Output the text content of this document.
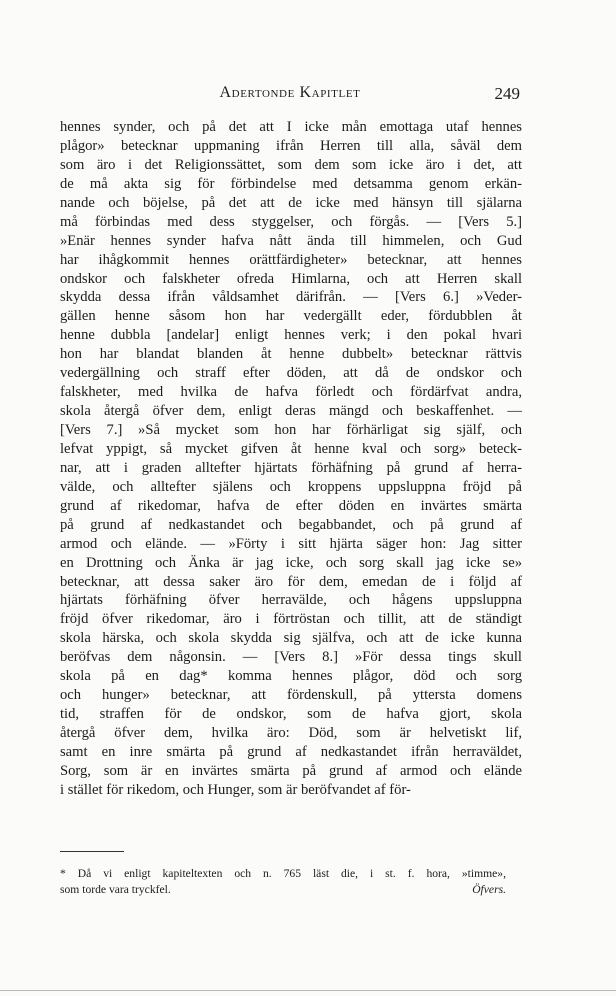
Adertonde Kapitlet	249
hennes synder, och på det att I icke mån emottaga utaf hennes
plågor» betecknar uppmaning ifrån Herren till alla, såväl dem
som äro i det Religionssättet, som dem som icke äro i det, att
de må akta sig för förbindelse med detsamma genom erkän-
nande och böjelse, på det att de icke med hänsyn till själarna
må förbindas med dess styggelser, och förgås. — [Vers 5.]
»Enär hennes synder hafva nått ända till himmelen, och Gud
har ihågkommit hennes orättfärdigheter» betecknar, att hennes
ondskor och falskheter ofreda Himlarna, och att Herren skall
skydda dessa ifrån våldsamhet därifrån. — [Vers 6.] »Veder-
gällen henne såsom hon har vedergällt eder, fördubblen åt
henne dubbla [andelar] enligt hennes verk; i den pokal hvari
hon har blandat blanden åt henne dubbelt» betecknar rättvis
vedergällning och straff efter döden, att då de ondskor och
falskheter, med hvilka de hafva förledt och fördärfvat andra,
skola återgå öfver dem, enligt deras mängd och beskaffenhet. —
[Vers 7.] »Så mycket som hon har förhärligat sig själf, och
lefvat yppigt, så mycket gifven åt henne kval och sorg» beteck-
nar, att i graden alltefter hjärtats förhäfning på grund af herra-
välde, och alltefter själens och kroppens uppsluppna fröjd på
grund af rikedomar, hafva de efter döden en invärtes smärta
på grund af nedkastandet och begabbandet, och på grund af
armod och elände. — »Förty i sitt hjärta säger hon: Jag sitter
en Drottning och Änka är jag icke, och sorg skall jag icke se»
betecknar, att dessa saker äro för dem, emedan de i följd af
hjärtats förhäfning öfver herravälde, och hågens uppsluppna
fröjd öfver rikedomar, äro i förtröstan och tillit, att de ständigt
skola härska, och skola skydda sig själfva, och att de icke kunna
beröfvas dem någonsin. — [Vers 8.] »För dessa tings skull
skola på en dag* komma hennes plågor, död och sorg
och hunger» betecknar, att fördenskull, på yttersta domens
tid, straffen för de ondskor, som de hafva gjort, skola
återgå öfver dem, hvilka äro: Död, som är helvetiskt lif,
samt en inre smärta på grund af nedkastandet ifrån herraväldet,
Sorg, som är en invärtes smärta på grund af armod och elände
i stället för rikedom, och Hunger, som är beröfvandet af för-
* Då vi enligt kapiteltexten och n. 765 läst die, i st. f. hora, »timme»,
som torde vara tryckfel.	Öfvers.
